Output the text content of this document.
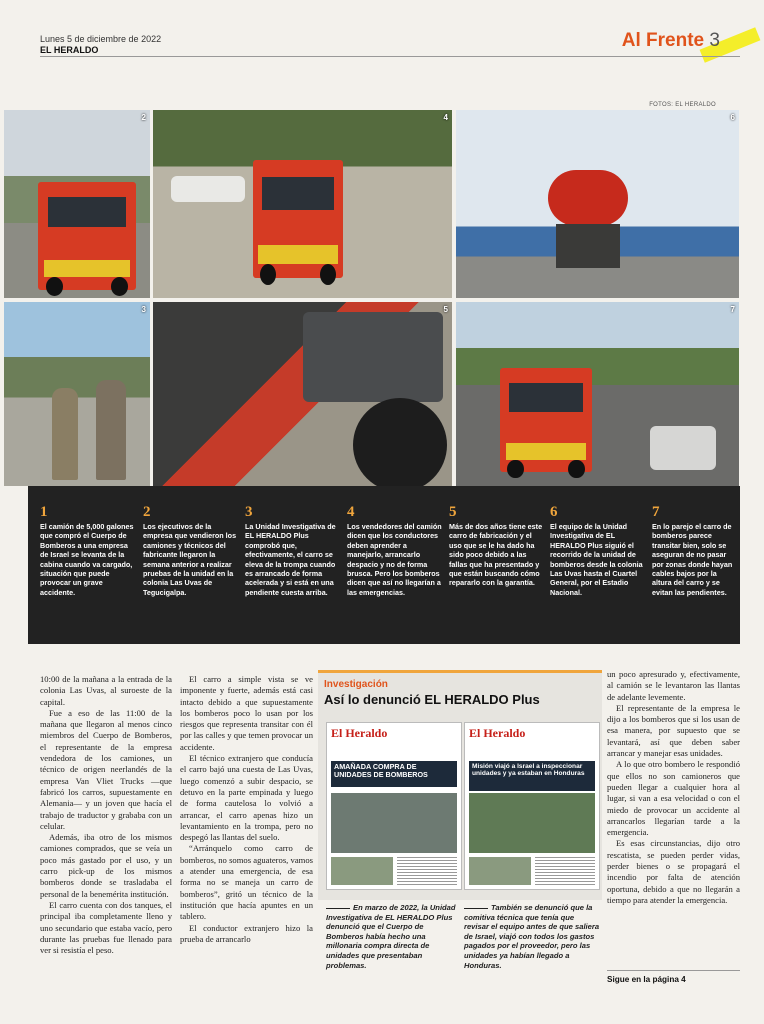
Lunes 5 de diciembre de 2022
EL HERALDO	Al Frente 3
FOTOS: EL HERALDO
2	4	6
3	5	7
1
El camión de 5,000 galones que compró el Cuerpo de Bomberos a una empresa de Israel se levanta de la cabina cuando va cargado, situación que puede provocar un grave accidente.
2
Los ejecutivos de la empresa que vendieron los camiones y técnicos del fabricante llegaron la semana anterior a realizar pruebas de la unidad en la colonia Las Uvas de Tegucigalpa.
3
La Unidad Investigativa de EL HERALDO Plus comprobó que, efectivamente, el carro se eleva de la trompa cuando es arrancado de forma acelerada y si está en una pendiente cuesta arriba.
4
Los vendedores del camión dicen que los conductores deben aprender a manejarlo, arrancarlo despacio y no de forma brusca. Pero los bomberos dicen que así no llegarían a las emergencias.
5
Más de dos años tiene este carro de fabricación y el uso que se le ha dado ha sido poco debido a las fallas que ha presentado y que están buscando cómo repararlo con la garantía.
6
El equipo de la Unidad Investigativa de EL HERALDO Plus siguió el recorrido de la unidad de bomberos desde la colonia Las Uvas hasta el Cuartel General, por el Estadio Nacional.
7
En lo parejo el carro de bomberos parece transitar bien, solo se aseguran de no pasar por zonas donde hayan cables bajos por la altura del carro y se evitan las pendientes.

10:00 de la mañana a la entrada de la colonia Las Uvas, al suroeste de la capital.

Fue a eso de las 11:00 de la mañana que llegaron al menos cinco miembros del Cuerpo de Bomberos, el representante de la empresa vendedora de los camiones, un técnico de origen neerlandés de la empresa Van Vliet Trucks —que fabricó los carros, supuestamente en Alemania— y un joven que hacía el trabajo de traductor y grababa con un celular.

Además, iba otro de los mismos camiones comprados, que se veía un poco más gastado por el uso, y un carro pick-up de los mismos bomberos donde se trasladaba el personal de la benemérita institución.

El carro cuenta con dos tanques, el principal iba completamente lleno y uno secundario que estaba vacío, pero durante las pruebas fue llenado para ver si resistía el peso.

El carro a simple vista se ve imponente y fuerte, además está casi intacto debido a que supuestamente los bomberos poco lo usan por los riesgos que representa transitar con él por las calles y que temen provocar un accidente.

El técnico extranjero que conducía el carro bajó una cuesta de Las Uvas, luego comenzó a subir despacio, se detuvo en la parte empinada y luego de forma cautelosa lo volvió a arrancar, el carro apenas hizo un levantamiento en la trompa, pero no despegó las llantas del suelo.

“Arránquelo como carro de bomberos, no somos aguateros, vamos a atender una emergencia, de esa forma no se maneja un carro de bomberos”, gritó un técnico de la institución que hacía apuntes en un tablero.

El conductor extranjero hizo la prueba de arrancarlo

un poco apresurado y, efectivamente, al camión se le levantaron las llantas de adelante levemente.

El representante de la empresa le dijo a los bomberos que si los usan de esa manera, por supuesto que se levantará, así que deben saber arrancar y manejar esas unidades.

A lo que otro bombero le respondió que ellos no son camioneros que pueden llegar a cualquier hora al lugar, si van a esa velocidad o con el miedo de provocar un accidente al arrancarlos llegarían tarde a la emergencia.

Es esas circunstancias, dijo otro rescatista, se pueden perder vidas, perder bienes o se propagará el incendio por falta de atención oportuna, debido a que no llegarán a tiempo para atender la emergencia.

Sigue en la página 4
Investigación
Así lo denunció EL HERALDO Plus
El Heraldo
AMAÑADA COMPRA DE UNIDADES DE BOMBEROS
El Heraldo
Misión viajó a Israel a inspeccionar unidades y ya estaban en Honduras
En marzo de 2022, la Unidad Investigativa de EL HERALDO Plus denunció que el Cuerpo de Bomberos había hecho una millonaria compra directa de unidades que presentaban problemas.
También se denunció que la comitiva técnica que tenía que revisar el equipo antes de que saliera de Israel, viajó con todos los gastos pagados por el proveedor, pero las unidades ya habían llegado a Honduras.
